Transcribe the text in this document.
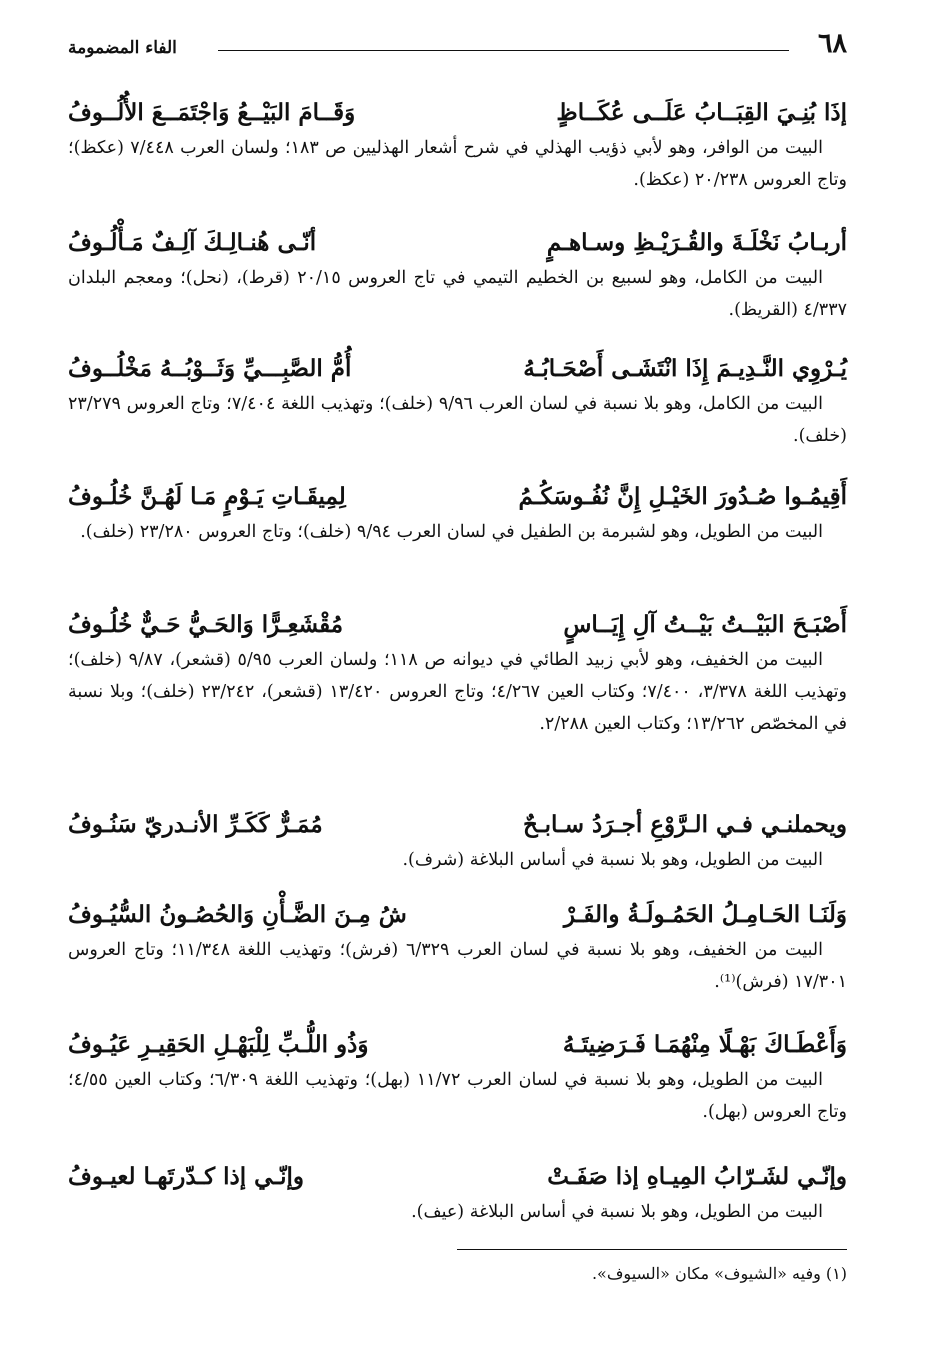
٦٨
الفاء المضمومة
إذَا بُنِـيَ القِبَــابُ عَلَــى عُكَــاظٍ
وَقَــامَ البَيْــعُ وَاجْتَمَــعَ الأُلُــوفُ
البيت من الوافر، وهو لأبي ذؤيب الهذلي في شرح أشعار الهذليين ص ١٨٣؛ ولسان العرب ٧/٤٤٨ (عكظ)؛ وتاج العروس ٢٠/٢٣٨ (عكظ).
أربـابُ نَخْلَـةَ والقُـرَيْـظِ وسـاهـمٍ
أنّـى هُنـالِـكَ آلِـفٌ مَـأْلُـوفُ
البيت من الكامل، وهو لسبيع بن الخطيم التيمي في تاج العروس ٢٠/١٥ (قرط)، (نحل)؛ ومعجم البلدان ٤/٣٣٧ (القريظ).
يُـرْوِي النَّـدِيـمَ إِذَا انْتَشَـى أَصْحَـابُـهُ
أُمُّ الصَّبِـــيِّ وَثَــوْبُــهُ مَخْلُــوفُ
البيت من الكامل، وهو بلا نسبة في لسان العرب ٩/٩٦ (خلف)؛ وتهذيب اللغة ٧/٤٠٤؛ وتاج العروس ٢٣/٢٧٩ (خلف).
أَقِيمُـوا صُـدُورَ الخَيْـلِ إِنَّ نُفُـوسَكُـمُ
لِمِيقَـاتِ يَـوْمٍ مَـا لَهُـنَّ خُلُـوفُ
البيت من الطويل، وهو لشبرمة بن الطفيل في لسان العرب ٩/٩٤ (خلف)؛ وتاج العروس ٢٣/٢٨٠ (خلف).
أَصْبَـحَ البَيْــتُ بَيْــتُ آلِ إِيَــاسٍ
مُقْشَعِـرًّا وَالحَـيُّ حَـيٌّ خُلُـوفُ
البيت من الخفيف، وهو لأبي زبيد الطائي في ديوانه ص ١١٨؛ ولسان العرب ٥/٩٥ (قشعر)، ٩/٨٧ (خلف)؛ وتهذيب اللغة ٣/٣٧٨، ٧/٤٠٠؛ وكتاب العين ٤/٢٦٧؛ وتاج العروس ١٣/٤٢٠ (قشعر)، ٢٣/٢٤٢ (خلف)؛ وبلا نسبة في المخصّص ١٣/٢٦٢؛ وكتاب العين ٢/٢٨٨.
ويحملنـي فـي الـرَّوْعِ أجـرَدُ سـابـحٌ
مُمَـرٌّ كَكَـرِّ الأنـدريّ سَنُـوفُ
البيت من الطويل، وهو بلا نسبة في أساس البلاغة (شرف).
وَلَنَـا الحَـامِـلُ الحَمُـولَـةُ والفَـرْ
شُ مِـنَ الضَّـأْنِ وَالحُصُـونُ السُّيُـوفُ
البيت من الخفيف، وهو بلا نسبة في لسان العرب ٦/٣٢٩ (فرش)؛ وتهذيب اللغة ١١/٣٤٨؛ وتاج العروس ١٧/٣٠١ (فرش)⁽¹⁾.
وَأَعْطَـاكَ بَهْـلًا مِنْهُمَـا فَـرَضِيتَـهُ
وَذُو اللُّـبِّ لِلْبَهْـلِ الحَقِيـرِ عَيُـوفُ
البيت من الطويل، وهو بلا نسبة في لسان العرب ١١/٧٢ (بهل)؛ وتهذيب اللغة ٦/٣٠٩؛ وكتاب العين ٤/٥٥؛ وتاج العروس (بهل).
وإنّـي لشَـرّابُ المِيـاهِ إذا صَفَـتْ
وإنّـي إذا كـدّرتَهـا لعيـوفُ
البيت من الطويل، وهو بلا نسبة في أساس البلاغة (عيف).
(١) وفيه «الشيوف» مكان «السيوف».
